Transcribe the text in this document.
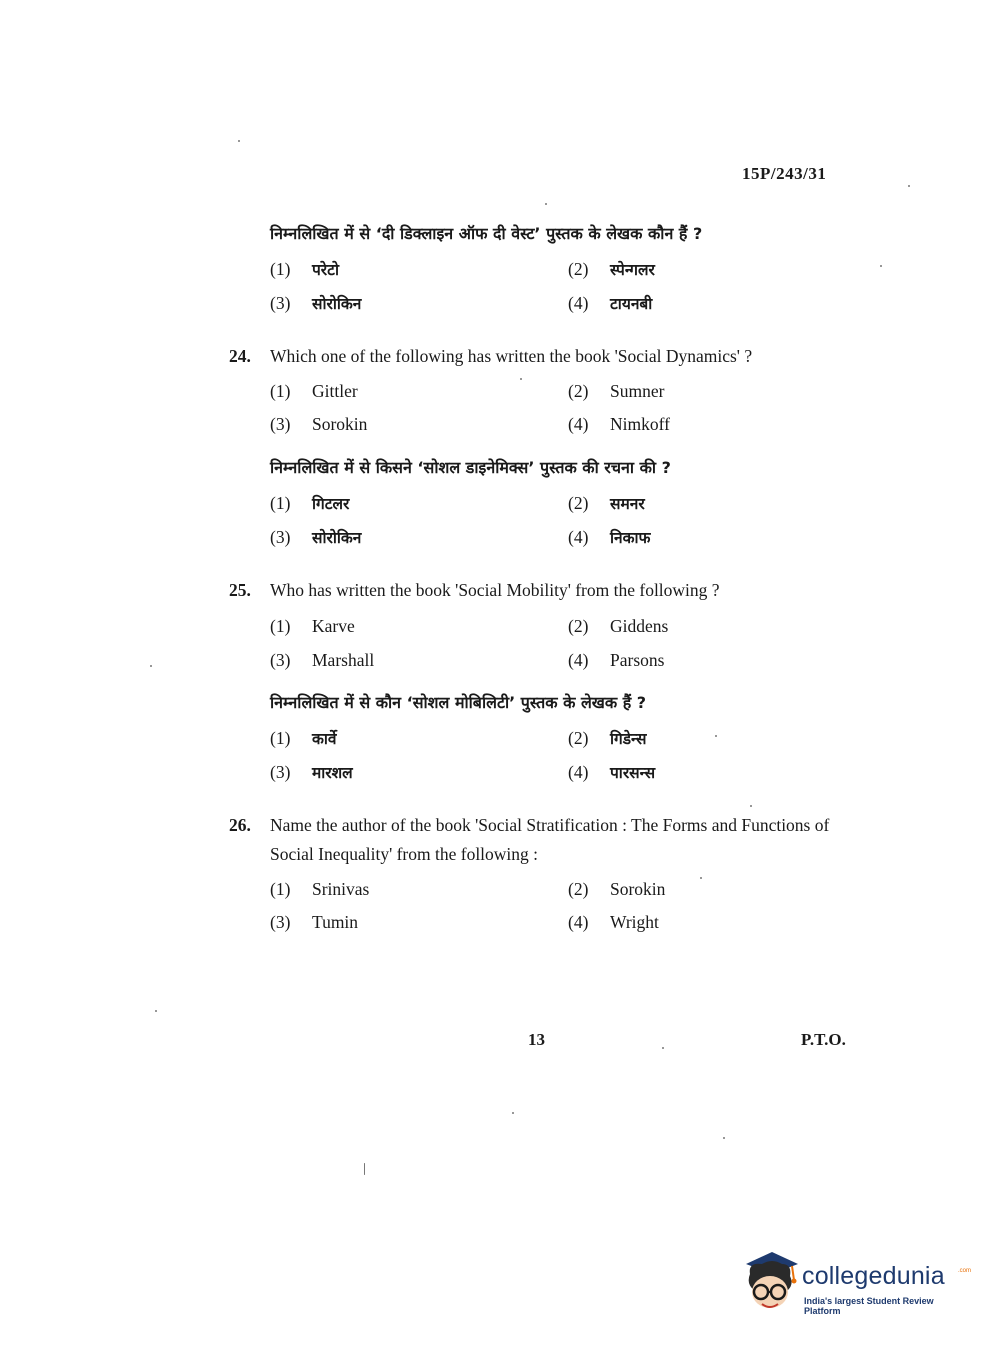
15P/243/31
निम्नलिखित में से ‘दी डिक्लाइन ऑफ दी वेस्ट’ पुस्तक के लेखक कौन हैं ?
(1) परेटो	(2) स्पेन्गलर
(3) सोरोकिन	(4) टायनबी
24. Which one of the following has written the book 'Social Dynamics' ?
(1) Gittler	(2) Sumner
(3) Sorokin	(4) Nimkoff
निम्नलिखित में से किसने ‘सोशल डाइनेमिक्स’ पुस्तक की रचना की ?
(1) गिटलर	(2) समनर
(3) सोरोकिन	(4) निकाफ
25. Who has written the book 'Social Mobility' from the following ?
(1) Karve	(2) Giddens
(3) Marshall	(4) Parsons
निम्नलिखित में से कौन ‘सोशल मोबिलिटी’ पुस्तक के लेखक हैं ?
(1) कार्वे	(2) गिडेन्स
(3) मारशल	(4) पारसन्स
26. Name the author of the book 'Social Stratification : The Forms and Functions of Social Inequality' from the following :
(1) Srinivas	(2) Sorokin
(3) Tumin	(4) Wright
13	P.T.O.
collegedunia .com
India's largest Student Review Platform
